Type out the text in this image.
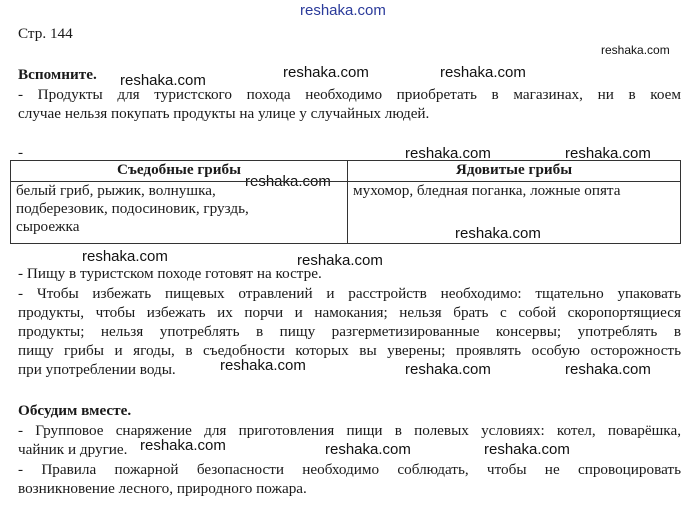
reshaka.com
reshaka.com
reshaka.com	reshaka.com	reshaka.com
reshaka.com	reshaka.com
reshaka.com
reshaka.com
reshaka.com	reshaka.com
reshaka.com	reshaka.com	reshaka.com
reshaka.com	reshaka.com	reshaka.com
Стр. 144
Вспомните.
- Продукты для туристского похода необходимо приобретать в магазинах, ни в коем
случае нельзя покупать продукты на улице у случайных людей.
-
Съедобные грибы	Ядовитые грибы

белый гриб, рыжик, волнушка,
подберезовик, подосиновик, груздь,
сыроежка	мухомор, бледная поганка, ложные опята
- Пищу в туристском походе готовят на костре.
- Чтобы избежать пищевых отравлений и расстройств необходимо: тщательно упаковать
продукты, чтобы избежать их порчи и намокания; нельзя брать с собой скоропортящиеся
продукты; нельзя употреблять в пищу разгерметизированные консервы; употреблять в
пищу грибы и ягоды, в съедобности которых вы уверены; проявлять особую осторожность
при употреблении воды.
Обсудим вместе.
- Групповое снаряжение для приготовления пищи в полевых условиях: котел, поварёшка,
чайник и другие.
- Правила пожарной безопасности необходимо соблюдать, чтобы не спровоцировать
возникновение лесного, природного пожара.
